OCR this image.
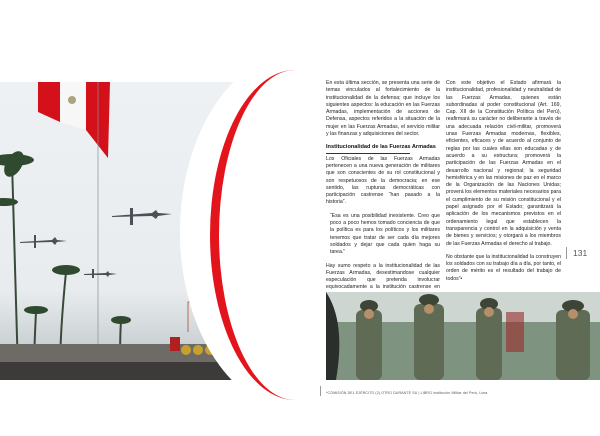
En esta última sección, se presenta una serie de temas vinculados al fortalecimiento de la institucionalidad de la defensa; que incluye los siguientes aspectos: la educación en las Fuerzas Armadas, implementación de acciones de Defensa, aspectos referidos a la situación de la mujer en las Fuerzas Armadas, el servicio militar y las finanzas y adquisiciones del sector.

Institucionalidad de las Fuerzas Armadas

Los Oficiales de las Fuerzas Armadas pertenecen a una nueva generación de militares que son conscientes de su rol constitucional y son respetuosos de la democracia; en ese sentido, las rupturas democráticas con participación castrense “han pasado a la historia”.

“Esa es una posibilidad inexistente. Creo que poco a poco hemos tomado conciencia de que la política es para los políticos y los militares tenemos que tratar de ser cada día mejores soldados y dejar que cada quien haga su tarea.”

Hay sumo respeto a la institucionalidad de las Fuerzas Armadas, desestimandose cualquier especulación que pretenda involucrar equivocadamente a la institución castrense en

Con este objetivo el Estado afirmará la institucionalidad, profesionalidad y neutralidad de las Fuerzas Armadas, quienes están subordinadas al poder constitucional (Art. 169, Cap. XII de la Constitución Política del Perú), reafirmará su carácter no deliberante a través de una adecuada relación civil-militar, promoverá unas Fuerzas Armadas modernas, flexibles, eficientes, eficaces y de acuerdo al conjunto de reglas por las cuales ellas son educadas y de acuerdo a su estructura; promoverá la participación de las Fuerzas Armadas en el desarrollo nacional y regional; la seguridad hemisférica y en las misiones de paz en el marco de la Organización de las Naciones Unidas; proverá los elementos materiales necesarios para el cumplimiento de su misión constitucional y el papel asignado por el Estado; garantizará la aplicación de los mecanismos previstos en el ordenamiento legal que establecen la transparencia y control en la adquisición y venta de bienes y servicios; y otorgará a los miembros de las Fuerzas Armadas el derecho al trabajo.

No obstante que la institucionalidad la construyen los soldados con su trabajo día a día, por tanto, el orden de mérito es el resultado del trabajo de todos”•

131
*COMISIÓN DEL EJÉRCITO (2) OTRO DURANTE SU | LIBRO Institución Militar del Perú, Lima
